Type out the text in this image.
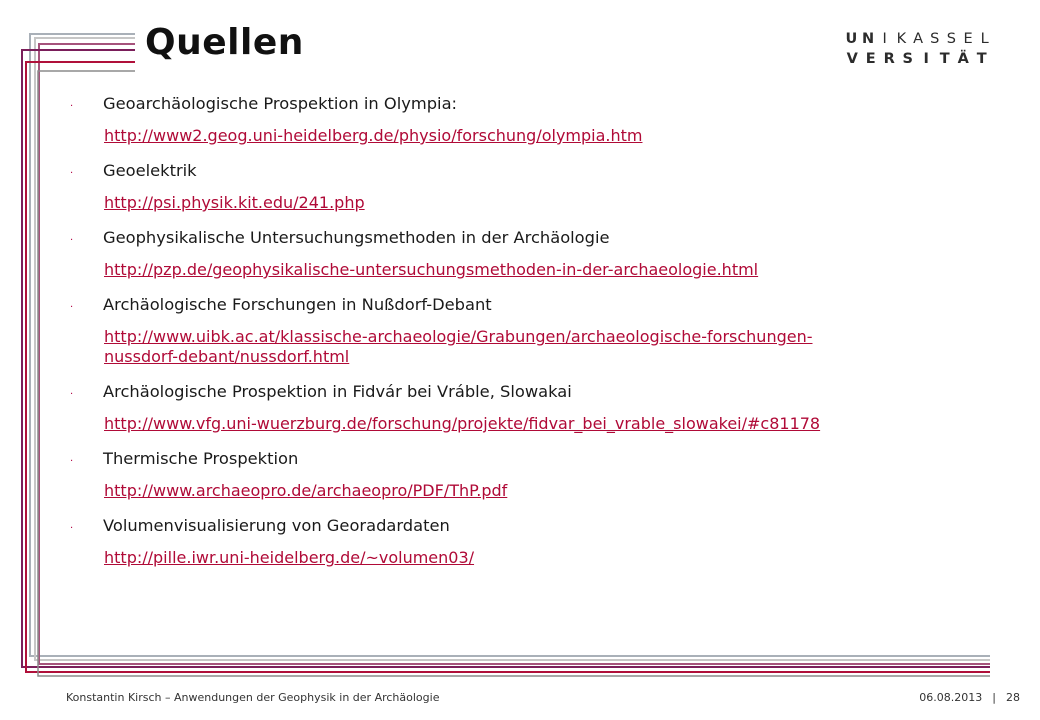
Quellen	U N I K A S S E L
V E R S I T Ä T
·	Geoarchäologische Prospektion in Olympia:
http://www2.geog.uni-heidelberg.de/physio/forschung/olympia.htm
·	Geoelektrik
http://psi.physik.kit.edu/241.php
·	Geophysikalische Untersuchungsmethoden in der Archäologie
http://pzp.de/geophysikalische-untersuchungsmethoden-in-der-archaeologie.html
·	Archäologische Forschungen in Nußdorf-Debant
http://www.uibk.ac.at/klassische-archaeologie/Grabungen/archaeologische-forschungen-
nussdorf-debant/nussdorf.html
·	Archäologische Prospektion in Fidvár bei Vráble, Slowakai
http://www.vfg.uni-wuerzburg.de/forschung/projekte/fidvar_bei_vrable_slowakei/#c81178
·	Thermische Prospektion
http://www.archaeopro.de/archaeopro/PDF/ThP.pdf
·	Volumenvisualisierung von Georadardaten
http://pille.iwr.uni-heidelberg.de/~volumen03/
Konstantin Kirsch – Anwendungen der Geophysik in der Archäologie	06.08.2013 | 28
